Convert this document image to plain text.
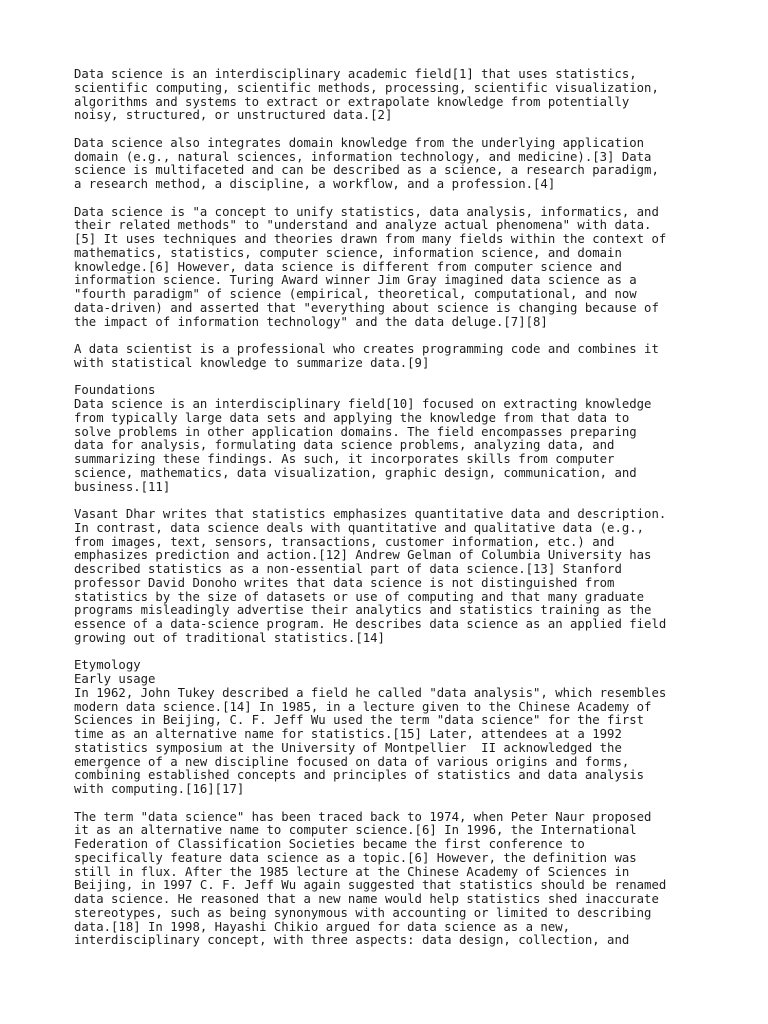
Data science is an interdisciplinary academic field[1] that uses statistics,
scientific computing, scientific methods, processing, scientific visualization,
algorithms and systems to extract or extrapolate knowledge from potentially
noisy, structured, or unstructured data.[2]

Data science also integrates domain knowledge from the underlying application
domain (e.g., natural sciences, information technology, and medicine).[3] Data
science is multifaceted and can be described as a science, a research paradigm,
a research method, a discipline, a workflow, and a profession.[4]

Data science is "a concept to unify statistics, data analysis, informatics, and
their related methods" to "understand and analyze actual phenomena" with data.
[5] It uses techniques and theories drawn from many fields within the context of
mathematics, statistics, computer science, information science, and domain
knowledge.[6] However, data science is different from computer science and
information science. Turing Award winner Jim Gray imagined data science as a
"fourth paradigm" of science (empirical, theoretical, computational, and now
data-driven) and asserted that "everything about science is changing because of
the impact of information technology" and the data deluge.[7][8]

A data scientist is a professional who creates programming code and combines it
with statistical knowledge to summarize data.[9]

Foundations

Data science is an interdisciplinary field[10] focused on extracting knowledge
from typically large data sets and applying the knowledge from that data to
solve problems in other application domains. The field encompasses preparing
data for analysis, formulating data science problems, analyzing data, and
summarizing these findings. As such, it incorporates skills from computer
science, mathematics, data visualization, graphic design, communication, and
business.[11]

Vasant Dhar writes that statistics emphasizes quantitative data and description.
In contrast, data science deals with quantitative and qualitative data (e.g.,
from images, text, sensors, transactions, customer information, etc.) and
emphasizes prediction and action.[12] Andrew Gelman of Columbia University has
described statistics as a non-essential part of data science.[13] Stanford
professor David Donoho writes that data science is not distinguished from
statistics by the size of datasets or use of computing and that many graduate
programs misleadingly advertise their analytics and statistics training as the
essence of a data-science program. He describes data science as an applied field
growing out of traditional statistics.[14]

Etymology

Early usage

In 1962, John Tukey described a field he called "data analysis", which resembles
modern data science.[14] In 1985, in a lecture given to the Chinese Academy of
Sciences in Beijing, C. F. Jeff Wu used the term "data science" for the first
time as an alternative name for statistics.[15] Later, attendees at a 1992
statistics symposium at the University of Montpellier  II acknowledged the
emergence of a new discipline focused on data of various origins and forms,
combining established concepts and principles of statistics and data analysis
with computing.[16][17]

The term "data science" has been traced back to 1974, when Peter Naur proposed
it as an alternative name to computer science.[6] In 1996, the International
Federation of Classification Societies became the first conference to
specifically feature data science as a topic.[6] However, the definition was
still in flux. After the 1985 lecture at the Chinese Academy of Sciences in
Beijing, in 1997 C. F. Jeff Wu again suggested that statistics should be renamed
data science. He reasoned that a new name would help statistics shed inaccurate
stereotypes, such as being synonymous with accounting or limited to describing
data.[18] In 1998, Hayashi Chikio argued for data science as a new,
interdisciplinary concept, with three aspects: data design, collection, and
